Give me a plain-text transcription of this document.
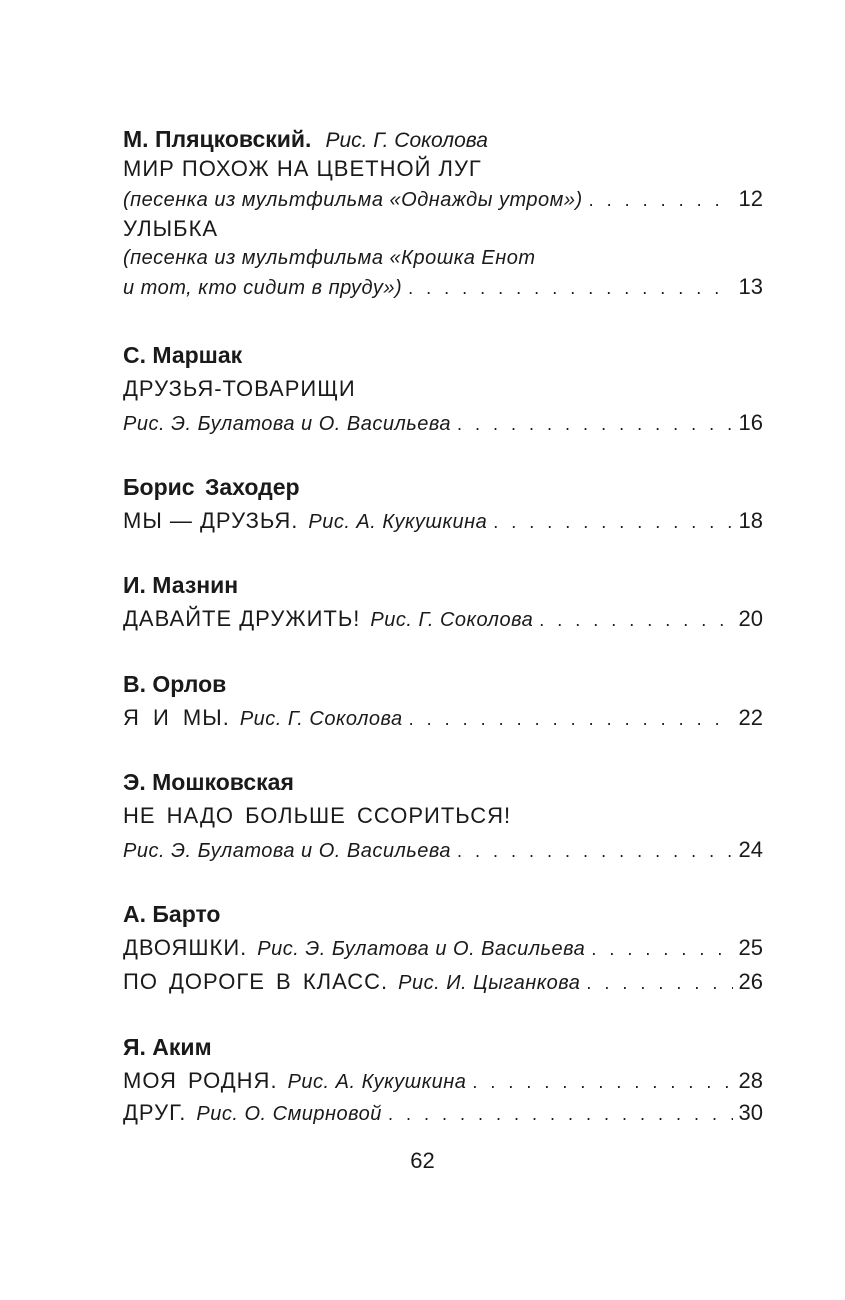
М. Пляцковский. Рис. Г. Соколова
МИР ПОХОЖ НА ЦВЕТНОЙ ЛУГ
(песенка из мультфильма «Однажды утром») . . .	12
УЛЫБКА
(песенка из мультфильма «Крошка Енот
и тот, кто сидит в пруду») . . .	13
С. Маршак
ДРУЗЬЯ-ТОВАРИЩИ
Рис. Э. Булатова и О. Васильева . . .	16
Борис Заходер
МЫ — ДРУЗЬЯ. Рис. А. Кукушкина . . .	18
И. Мазнин
ДАВАЙТЕ ДРУЖИТЬ! Рис. Г. Соколова . . .	20
В. Орлов
Я И МЫ. Рис. Г. Соколова . . .	22
Э. Мошковская
НЕ НАДО БОЛЬШЕ ССОРИТЬСЯ!
Рис. Э. Булатова и О. Васильева . . .	24
А. Барто
ДВОЯШКИ. Рис. Э. Булатова и О. Васильева . . .	25
ПО ДОРОГЕ В КЛАСС. Рис. И. Цыганкова . . .	26
Я. Аким
МОЯ РОДНЯ. Рис. А. Кукушкина . . .	28
ДРУГ. Рис. О. Смирновой . . .	30
62
